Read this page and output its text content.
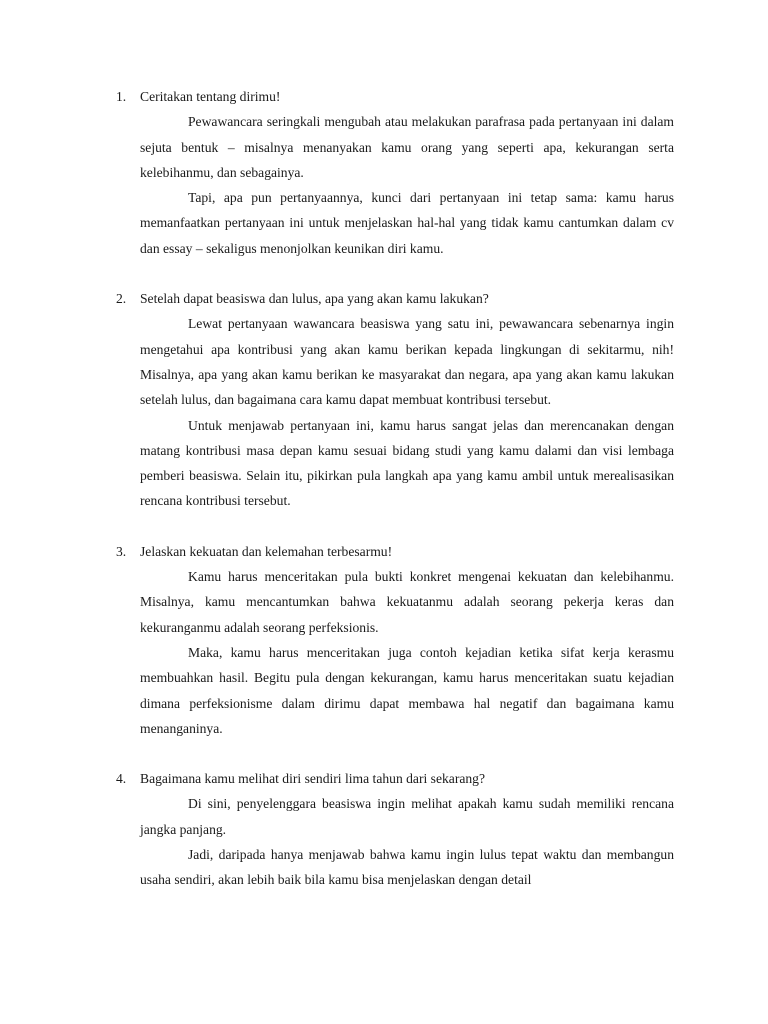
1. Ceritakan tentang dirimu!

Pewawancara seringkali mengubah atau melakukan parafrasa pada pertanyaan ini dalam sejuta bentuk – misalnya menanyakan kamu orang yang seperti apa, kekurangan serta kelebihanmu, dan sebagainya.

Tapi, apa pun pertanyaannya, kunci dari pertanyaan ini tetap sama: kamu harus memanfaatkan pertanyaan ini untuk menjelaskan hal-hal yang tidak kamu cantumkan dalam cv dan essay – sekaligus menonjolkan keunikan diri kamu.

2. Setelah dapat beasiswa dan lulus, apa yang akan kamu lakukan?

Lewat pertanyaan wawancara beasiswa yang satu ini, pewawancara sebenarnya ingin mengetahui apa kontribusi yang akan kamu berikan kepada lingkungan di sekitarmu, nih! Misalnya, apa yang akan kamu berikan ke masyarakat dan negara, apa yang akan kamu lakukan setelah lulus, dan bagaimana cara kamu dapat membuat kontribusi tersebut.

Untuk menjawab pertanyaan ini, kamu harus sangat jelas dan merencanakan dengan matang kontribusi masa depan kamu sesuai bidang studi yang kamu dalami dan visi lembaga pemberi beasiswa. Selain itu, pikirkan pula langkah apa yang kamu ambil untuk merealisasikan rencana kontribusi tersebut.

3. Jelaskan kekuatan dan kelemahan terbesarmu!

Kamu harus menceritakan pula bukti konkret mengenai kekuatan dan kelebihanmu. Misalnya, kamu mencantumkan bahwa kekuatanmu adalah seorang pekerja keras dan kekuranganmu adalah seorang perfeksionis.

Maka, kamu harus menceritakan juga contoh kejadian ketika sifat kerja kerasmu membuahkan hasil. Begitu pula dengan kekurangan, kamu harus menceritakan suatu kejadian dimana perfeksionisme dalam dirimu dapat membawa hal negatif dan bagaimana kamu menanganinya.

4. Bagaimana kamu melihat diri sendiri lima tahun dari sekarang?

Di sini, penyelenggara beasiswa ingin melihat apakah kamu sudah memiliki rencana jangka panjang.

Jadi, daripada hanya menjawab bahwa kamu ingin lulus tepat waktu dan membangun usaha sendiri, akan lebih baik bila kamu bisa menjelaskan dengan detail
